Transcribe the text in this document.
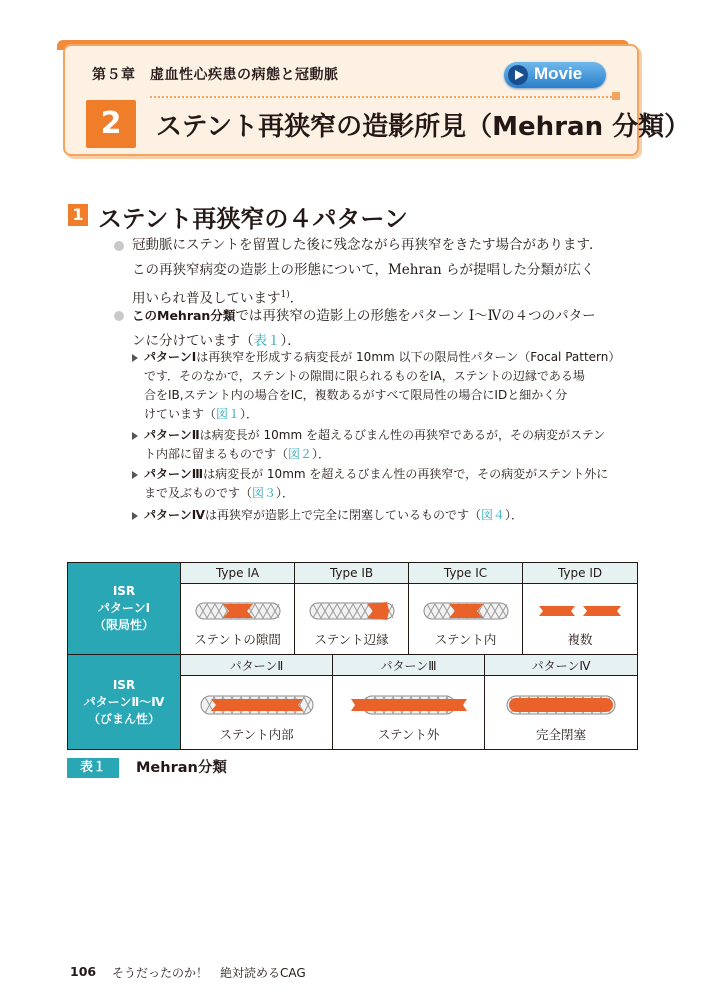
第５章　虚血性心疾患の病態と冠動脈	Movie
2	ステント再狭窄の造影所見（Mehran 分類）
1 ステント再狭窄の４パターン
冠動脈にステントを留置した後に残念ながら再狭窄をきたす場合があります．
この再狭窄病変の造影上の形態について，Mehran らが提唱した分類が広く
用いられ普及しています$^{1)}$．
このMehran分類では再狭窄の造影上の形態をパターン Ⅰ～Ⅳの４つのパター
ンに分けています（表１）．
パターンⅠは再狭窄を形成する病変長が 10mm 以下の限局性パターン（Focal Pattern）
です．そのなかで，ステントの隙間に限られるものをⅠA，ステントの辺縁である場
合をⅠB,ステント内の場合をⅠC，複数あるがすべて限局性の場合にⅠDと細かく分
けています（図１）．
パターンⅡは病変長が 10mm を超えるびまん性の再狭窄であるが，その病変がステン
ト内部に留まるものです（図２）．
パターンⅢは病変長が 10mm を超えるびまん性の再狭窄で，その病変がステント外に
まで及ぶものです（図３）．
パターンⅣは再狭窄が造影上で完全に閉塞しているものです（図４）．
ISR
パターンⅠ
（限局性）	Type ⅠA	Type ⅠB		Type ⅠC		Type ⅠD

	ステントの隙間	ステント辺縁		ステント内		複数

ISR
パターンⅡ～Ⅳ
（びまん性）	パターンⅡ		パターンⅢ		パターンⅣ	

	ステント内部		ステント外		完全閉塞	
表１	Mehran分類
106 そうだったのか！　絶対読めるCAG
